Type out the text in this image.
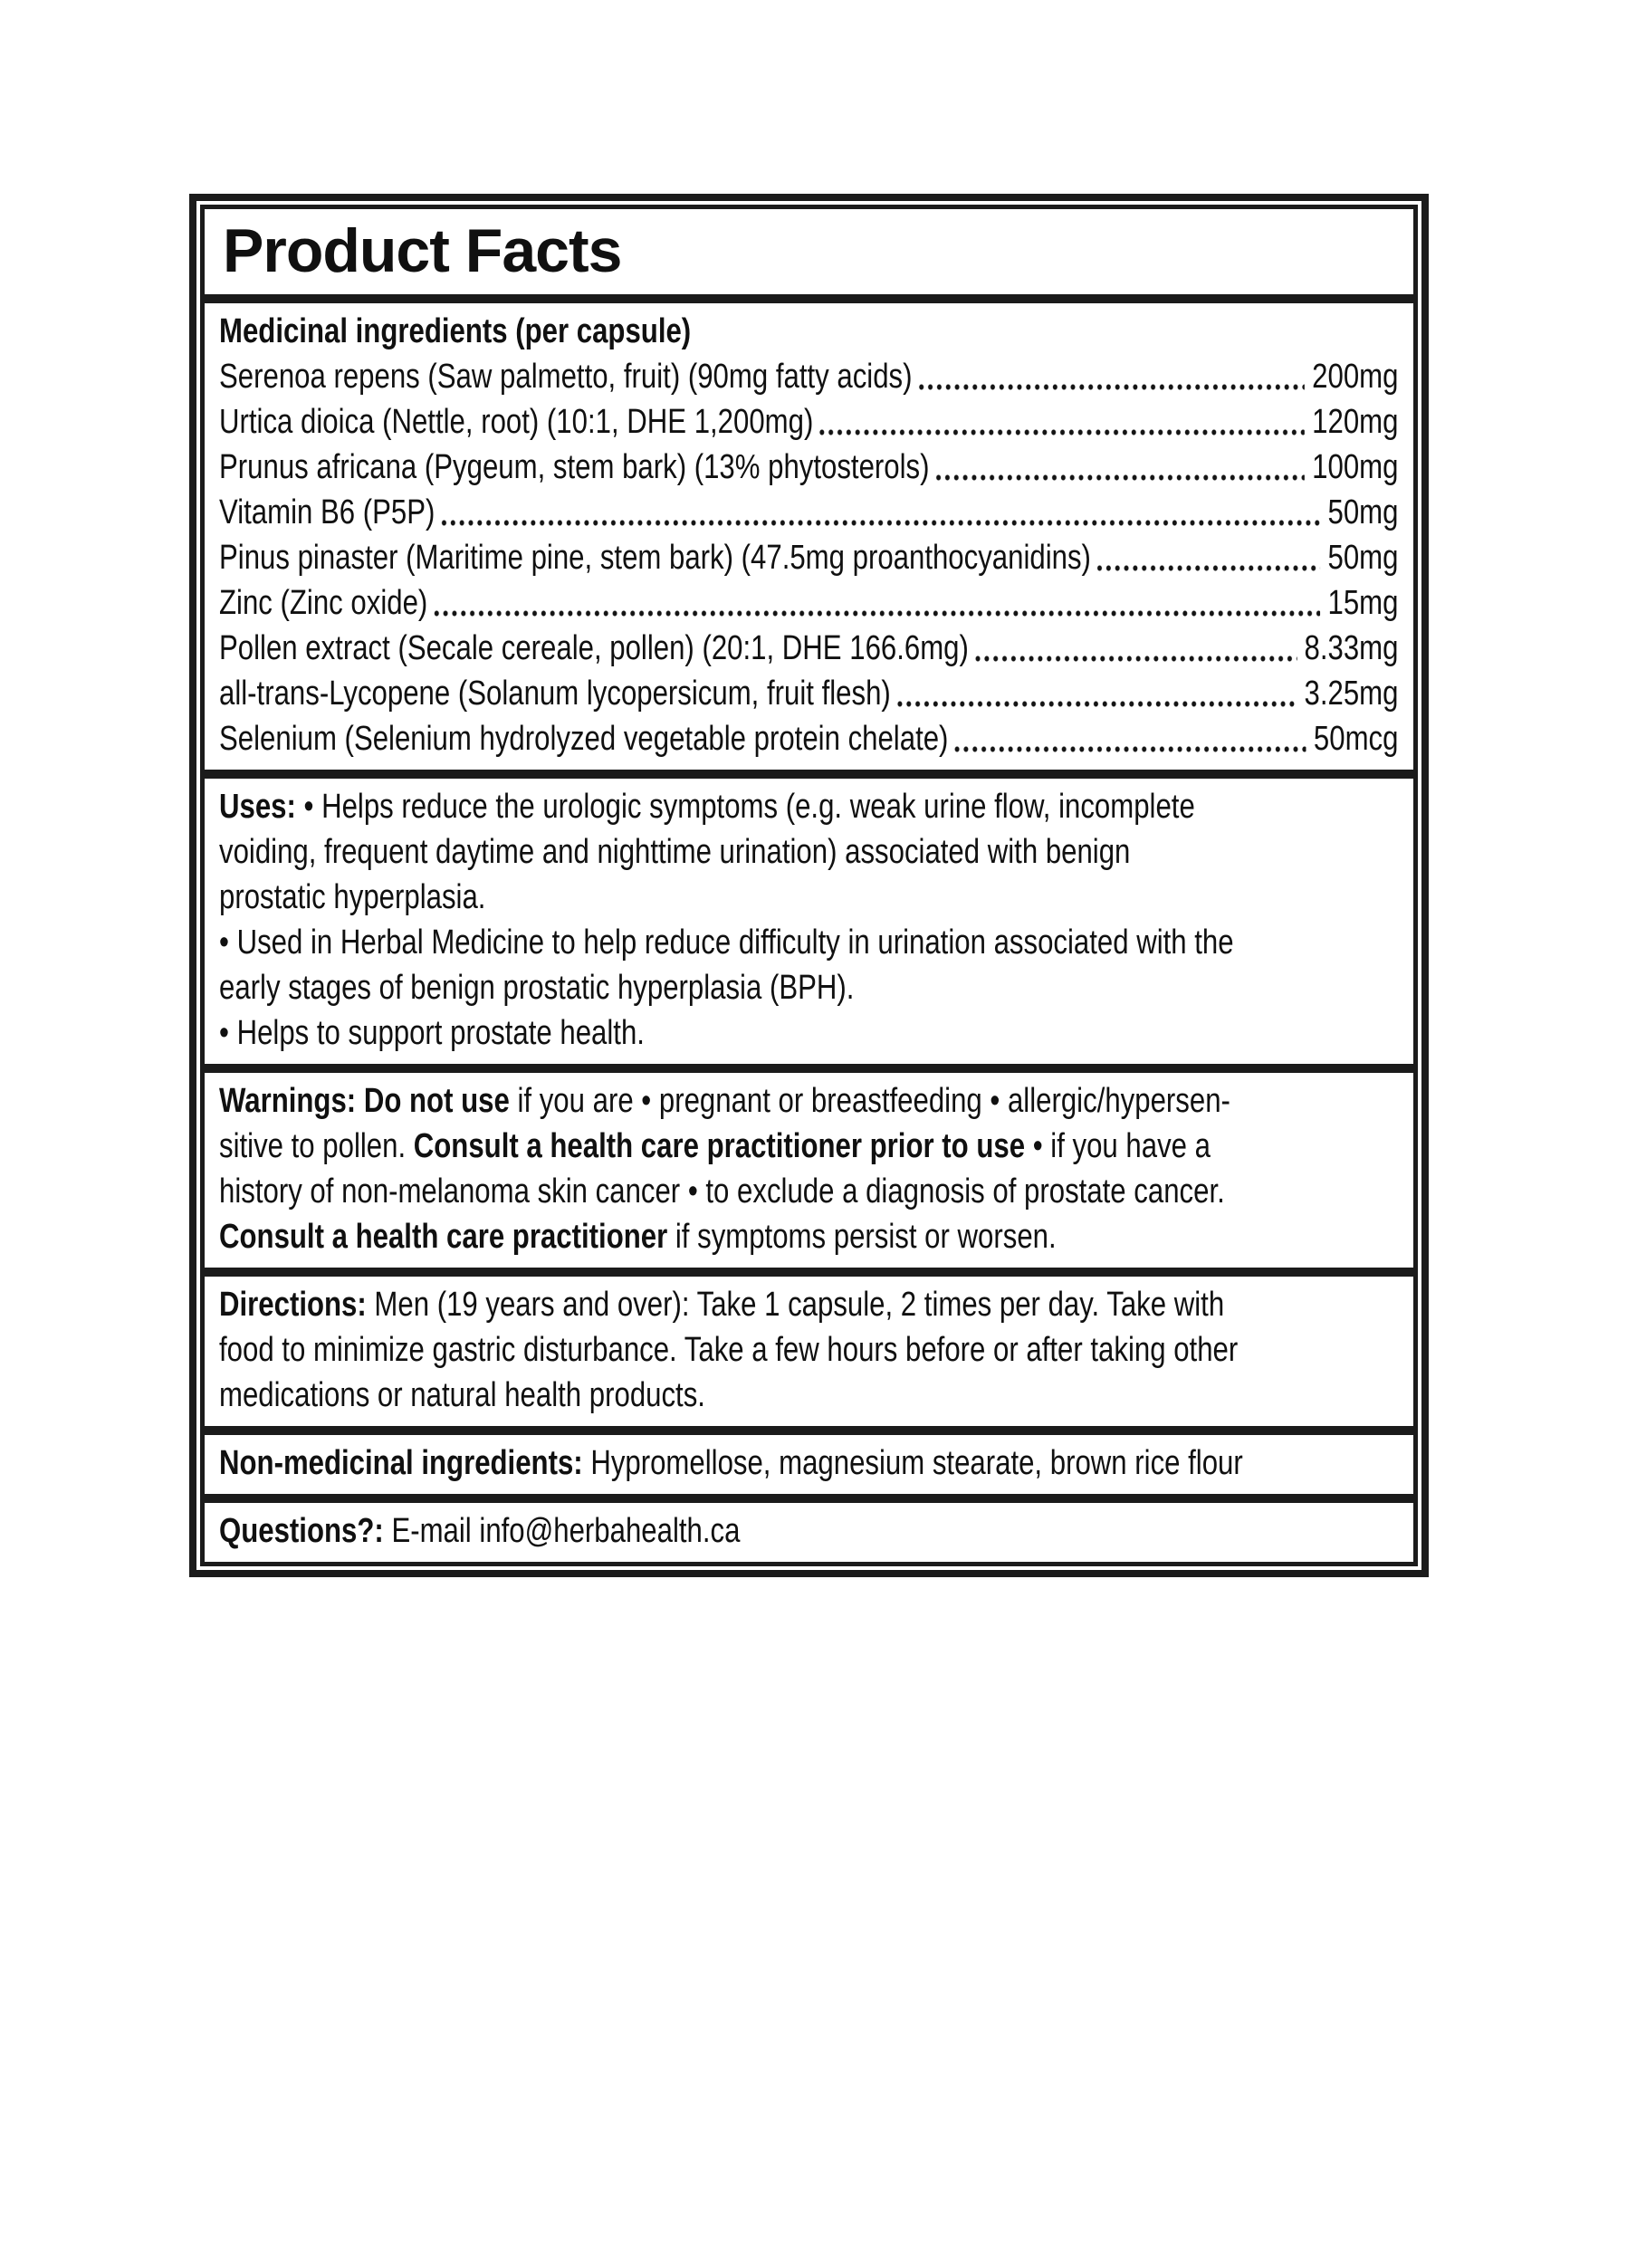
Product Facts
Medicinal ingredients (per capsule)
Serenoa repens (Saw palmetto, fruit) (90mg fatty acids)	200mg
Urtica dioica (Nettle, root) (10:1, DHE 1,200mg)	120mg
Prunus africana (Pygeum, stem bark) (13% phytosterols)	100mg
Vitamin B6 (P5P)	50mg
Pinus pinaster (Maritime pine, stem bark) (47.5mg proanthocyanidins)	50mg
Zinc (Zinc oxide)	15mg
Pollen extract (Secale cereale, pollen) (20:1, DHE 166.6mg)	8.33mg
all-trans-Lycopene (Solanum lycopersicum, fruit flesh)	3.25mg
Selenium (Selenium hydrolyzed vegetable protein chelate)	50mcg
Uses: • Helps reduce the urologic symptoms (e.g. weak urine flow, incomplete
voiding, frequent daytime and nighttime urination) associated with benign
prostatic hyperplasia.
• Used in Herbal Medicine to help reduce difficulty in urination associated with the
early stages of benign prostatic hyperplasia (BPH).
• Helps to support prostate health.
Warnings: Do not use if you are • pregnant or breastfeeding • allergic/hypersen-
sitive to pollen. Consult a health care practitioner prior to use • if you have a
history of non-melanoma skin cancer • to exclude a diagnosis of prostate cancer.
Consult a health care practitioner if symptoms persist or worsen.
Directions: Men (19 years and over): Take 1 capsule, 2 times per day. Take with
food to minimize gastric disturbance. Take a few hours before or after taking other
medications or natural health products.
Non-medicinal ingredients: Hypromellose, magnesium stearate, brown rice flour
Questions?: E-mail info@herbahealth.ca
